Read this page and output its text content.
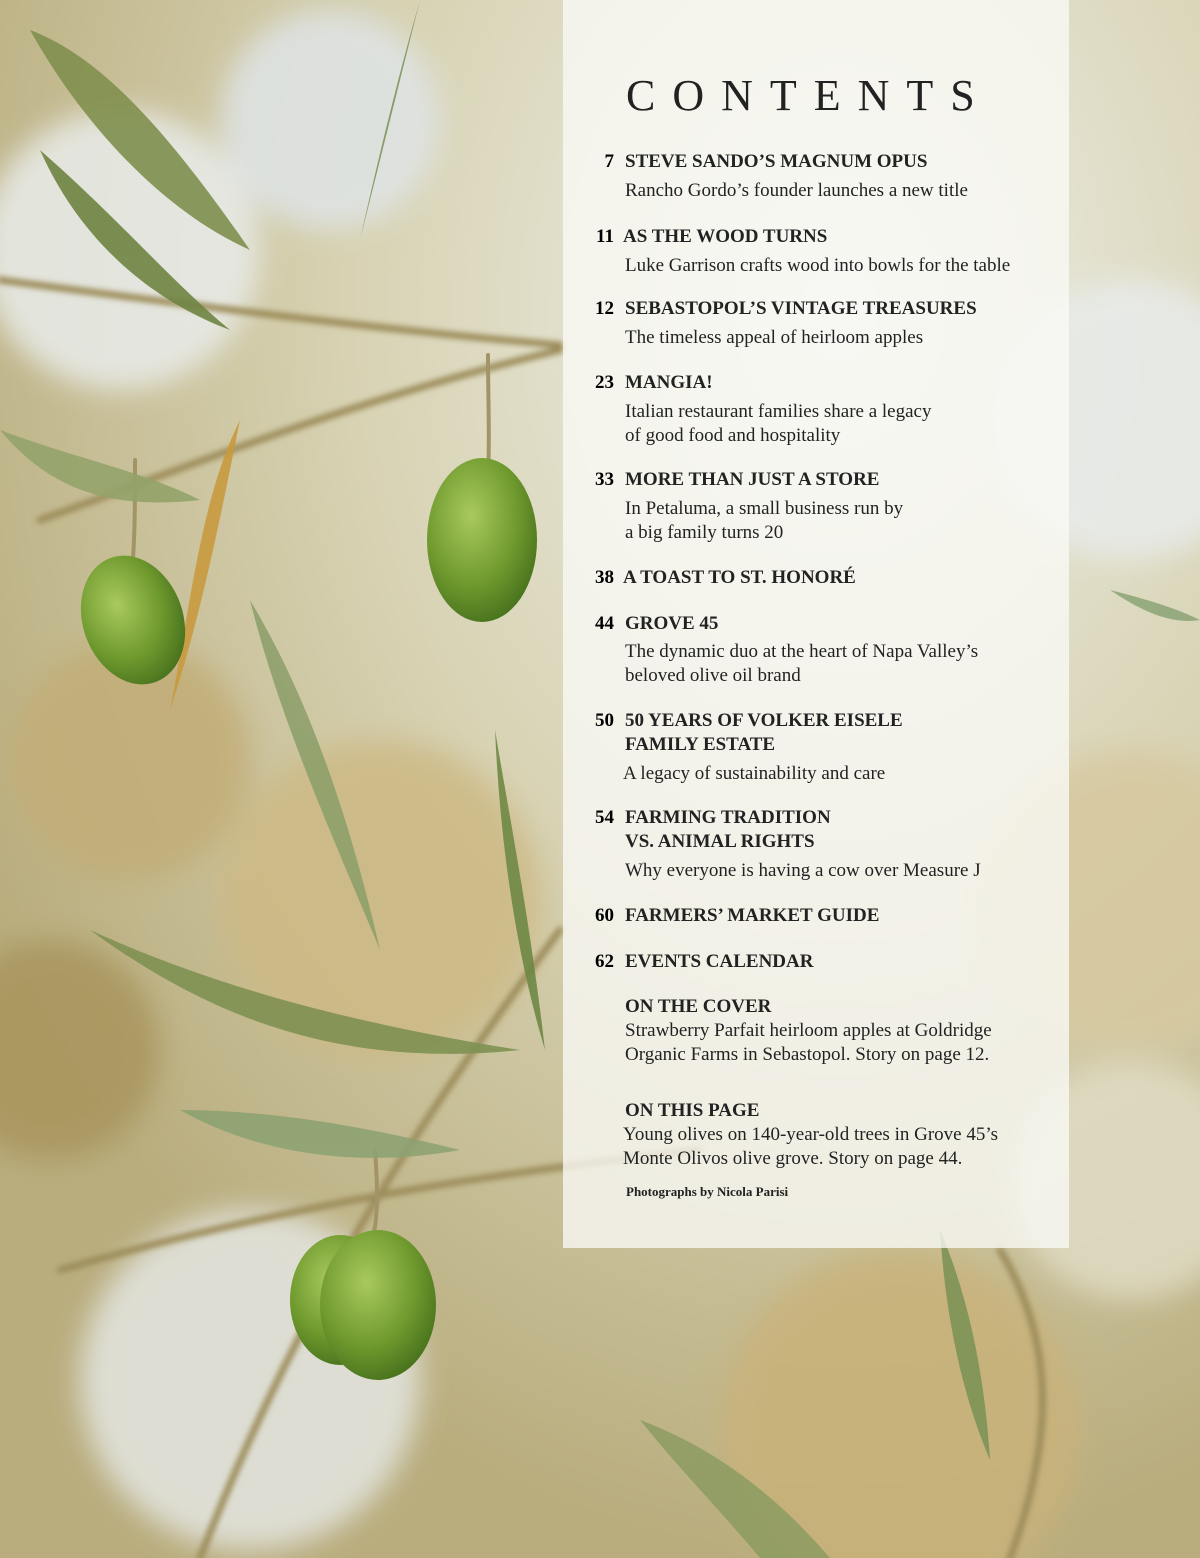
CONTENTS
7 STEVE SANDO’S MAGNUM OPUS
Rancho Gordo’s founder launches a new title
11 AS THE WOOD TURNS
Luke Garrison crafts wood into bowls for the table
12 SEBASTOPOL’S VINTAGE TREASURES
The timeless appeal of heirloom apples
23 MANGIA!
Italian restaurant families share a legacy
of good food and hospitality
33 MORE THAN JUST A STORE
In Petaluma, a small business run by
a big family turns 20
38 A TOAST TO ST. HONORÉ
44 GROVE 45
The dynamic duo at the heart of Napa Valley’s
beloved olive oil brand
50 50 YEARS OF VOLKER EISELE
FAMILY ESTATE
A legacy of sustainability and care
54 FARMING TRADITION
VS. ANIMAL RIGHTS
Why everyone is having a cow over Measure J
60 FARMERS’ MARKET GUIDE
62 EVENTS CALENDAR
ON THE COVER
Strawberry Parfait heirloom apples at Goldridge
Organic Farms in Sebastopol. Story on page 12.
ON THIS PAGE
Young olives on 140-year-old trees in Grove 45’s
Monte Olivos olive grove. Story on page 44.
Photographs by Nicola Parisi
